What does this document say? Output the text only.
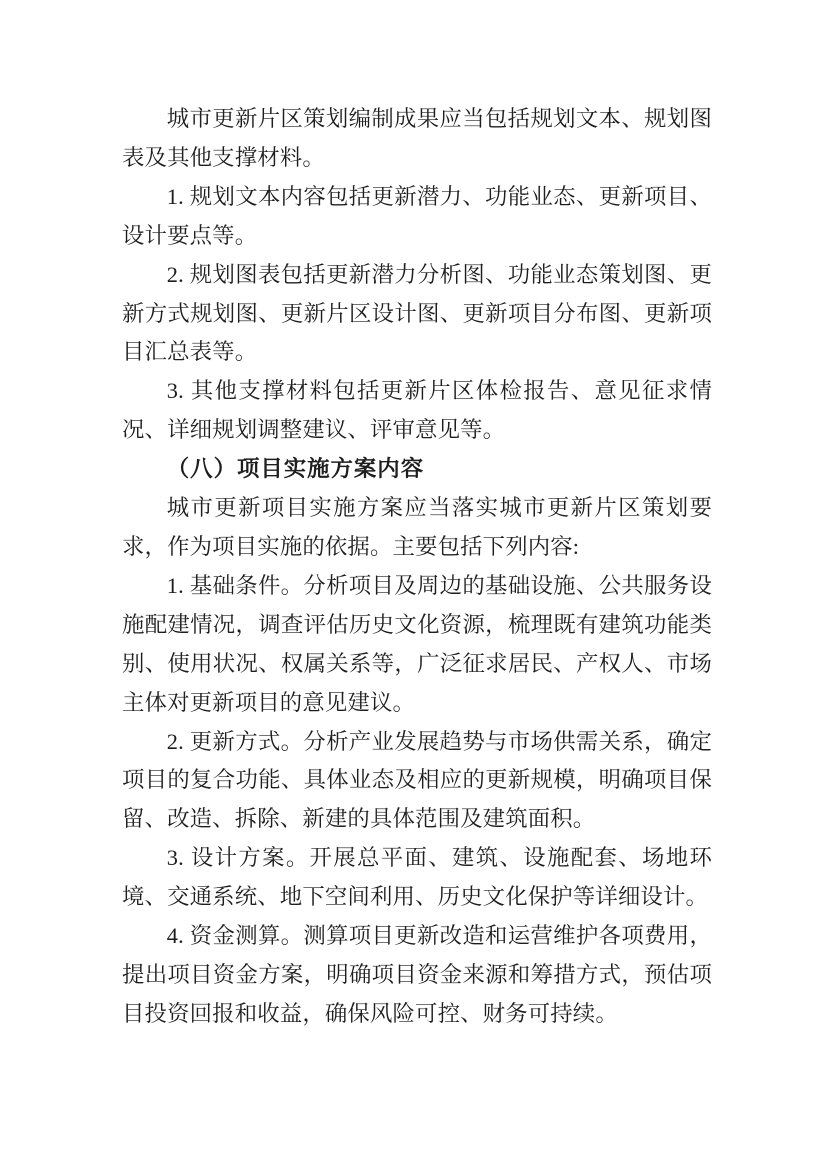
城市更新片区策划编制成果应当包括规划文本、规划图表及其他支撑材料。

1. 规划文本内容包括更新潜力、功能业态、更新项目、设计要点等。

2. 规划图表包括更新潜力分析图、功能业态策划图、更新方式规划图、更新片区设计图、更新项目分布图、更新项目汇总表等。

3. 其他支撑材料包括更新片区体检报告、意见征求情况、详细规划调整建议、评审意见等。

（八）项目实施方案内容

城市更新项目实施方案应当落实城市更新片区策划要求，作为项目实施的依据。主要包括下列内容:

1. 基础条件。分析项目及周边的基础设施、公共服务设施配建情况，调查评估历史文化资源，梳理既有建筑功能类别、使用状况、权属关系等，广泛征求居民、产权人、市场主体对更新项目的意见建议。

2. 更新方式。分析产业发展趋势与市场供需关系，确定项目的复合功能、具体业态及相应的更新规模，明确项目保留、改造、拆除、新建的具体范围及建筑面积。

3. 设计方案。开展总平面、建筑、设施配套、场地环境、交通系统、地下空间利用、历史文化保护等详细设计。

4. 资金测算。测算项目更新改造和运营维护各项费用，提出项目资金方案，明确项目资金来源和筹措方式，预估项目投资回报和收益，确保风险可控、财务可持续。
